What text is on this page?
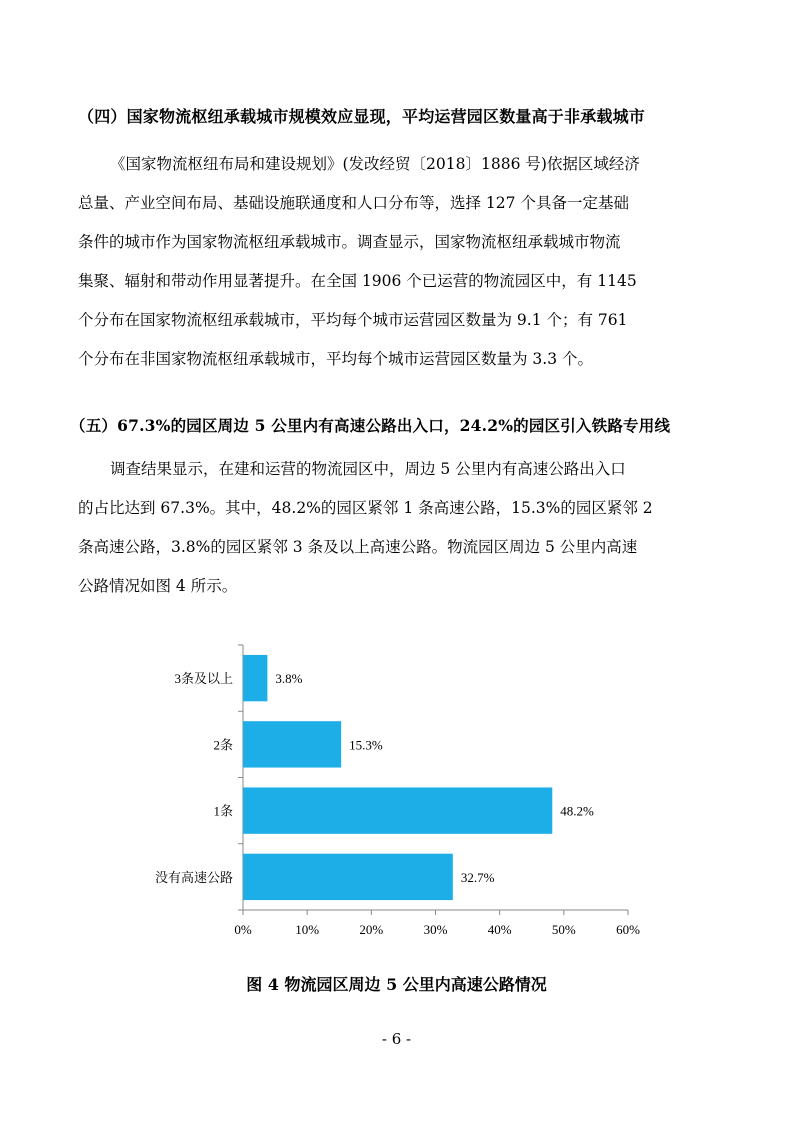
（四）国家物流枢纽承载城市规模效应显现，平均运营园区数量高于非承载城市
《国家物流枢纽布局和建设规划》(发改经贸〔2018〕1886 号)依据区域经济
总量、产业空间布局、基础设施联通度和人口分布等，选择 127 个具备一定基础
条件的城市作为国家物流枢纽承载城市。调查显示，国家物流枢纽承载城市物流
集聚、辐射和带动作用显著提升。在全国 1906 个已运营的物流园区中，有 1145
个分布在国家物流枢纽承载城市，平均每个城市运营园区数量为 9.1 个；有 761
个分布在非国家物流枢纽承载城市，平均每个城市运营园区数量为 3.3 个。
（五）67.3%的园区周边 5 公里内有高速公路出入口，24.2%的园区引入铁路专用线
调查结果显示，在建和运营的物流园区中，周边 5 公里内有高速公路出入口
的占比达到 67.3%。其中，48.2%的园区紧邻 1 条高速公路，15.3%的园区紧邻 2
条高速公路，3.8%的园区紧邻 3 条及以上高速公路。物流园区周边 5 公里内高速
公路情况如图 4 所示。
3条及以上	3.8%
2条	15.3%
1条	48.2%
没有高速公路	32.7%
0%	10%	20%	30%	40%	50%	60%
图 4 物流园区周边 5 公里内高速公路情况
- 6 -
